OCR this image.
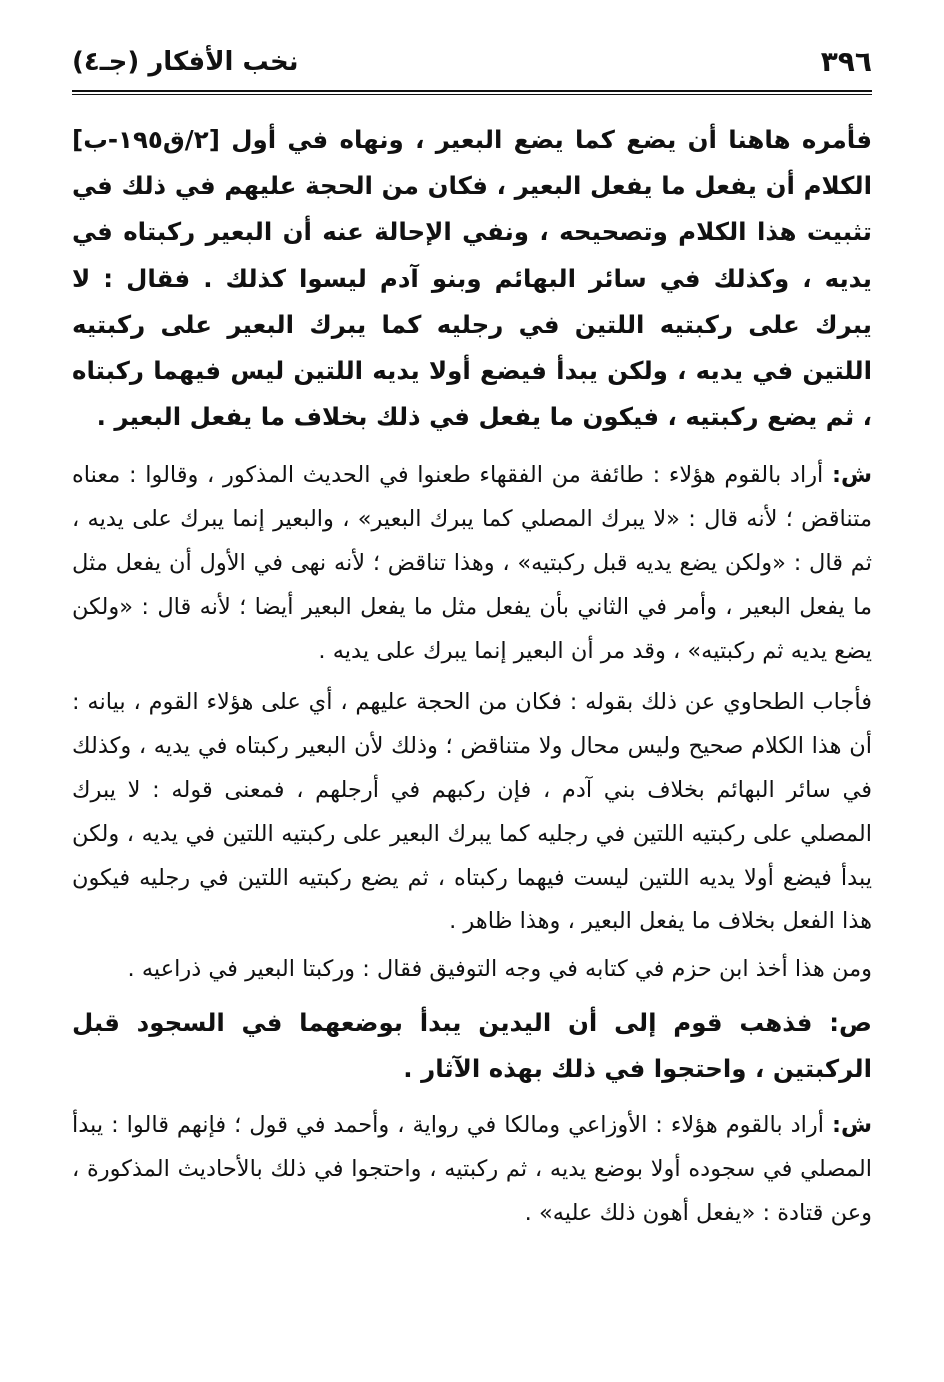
٣٩٦
نخب الأفكار (جـ٤)

فأمره هاهنا أن يضع كما يضع البعير ، ونهاه في أول [٢/ق١٩٥-ب] الكلام أن يفعل ما يفعل البعير ، فكان من الحجة عليهم في ذلك في تثبيت هذا الكلام وتصحيحه ، ونفي الإحالة عنه أن البعير ركبتاه في يديه ، وكذلك في سائر البهائم وبنو آدم ليسوا كذلك . فقال : لا يبرك على ركبتيه اللتين في رجليه كما يبرك البعير على ركبتيه اللتين في يديه ، ولكن يبدأ فيضع أولا يديه اللتين ليس فيهما ركبتاه ، ثم يضع ركبتيه ، فيكون ما يفعل في ذلك بخلاف ما يفعل البعير .

ش: أراد بالقوم هؤلاء : طائفة من الفقهاء طعنوا في الحديث المذكور ، وقالوا : معناه متناقض ؛ لأنه قال : «لا يبرك المصلي كما يبرك البعير» ، والبعير إنما يبرك على يديه ، ثم قال : «ولكن يضع يديه قبل ركبتيه» ، وهذا تناقض ؛ لأنه نهى في الأول أن يفعل مثل ما يفعل البعير ، وأمر في الثاني بأن يفعل مثل ما يفعل البعير أيضا ؛ لأنه قال : «ولكن يضع يديه ثم ركبتيه» ، وقد مر أن البعير إنما يبرك على يديه .

فأجاب الطحاوي عن ذلك بقوله : فكان من الحجة عليهم ، أي على هؤلاء القوم ، بيانه : أن هذا الكلام صحيح وليس محال ولا متناقض ؛ وذلك لأن البعير ركبتاه في يديه ، وكذلك في سائر البهائم بخلاف بني آدم ، فإن ركبهم في أرجلهم ، فمعنى قوله : لا يبرك المصلي على ركبتيه اللتين في رجليه كما يبرك البعير على ركبتيه اللتين في يديه ، ولكن يبدأ فيضع أولا يديه اللتين ليست فيهما ركبتاه ، ثم يضع ركبتيه اللتين في رجليه فيكون هذا الفعل بخلاف ما يفعل البعير ، وهذا ظاهر .

ومن هذا أخذ ابن حزم في كتابه في وجه التوفيق فقال : وركبتا البعير في ذراعيه .

ص: فذهب قوم إلى أن اليدين يبدأ بوضعهما في السجود قبل الركبتين ، واحتجوا في ذلك بهذه الآثار .

ش: أراد بالقوم هؤلاء : الأوزاعي ومالكا في رواية ، وأحمد في قول ؛ فإنهم قالوا : يبدأ المصلي في سجوده أولا بوضع يديه ، ثم ركبتيه ، واحتجوا في ذلك بالأحاديث المذكورة ، وعن قتادة : «يفعل أهون ذلك عليه» .
